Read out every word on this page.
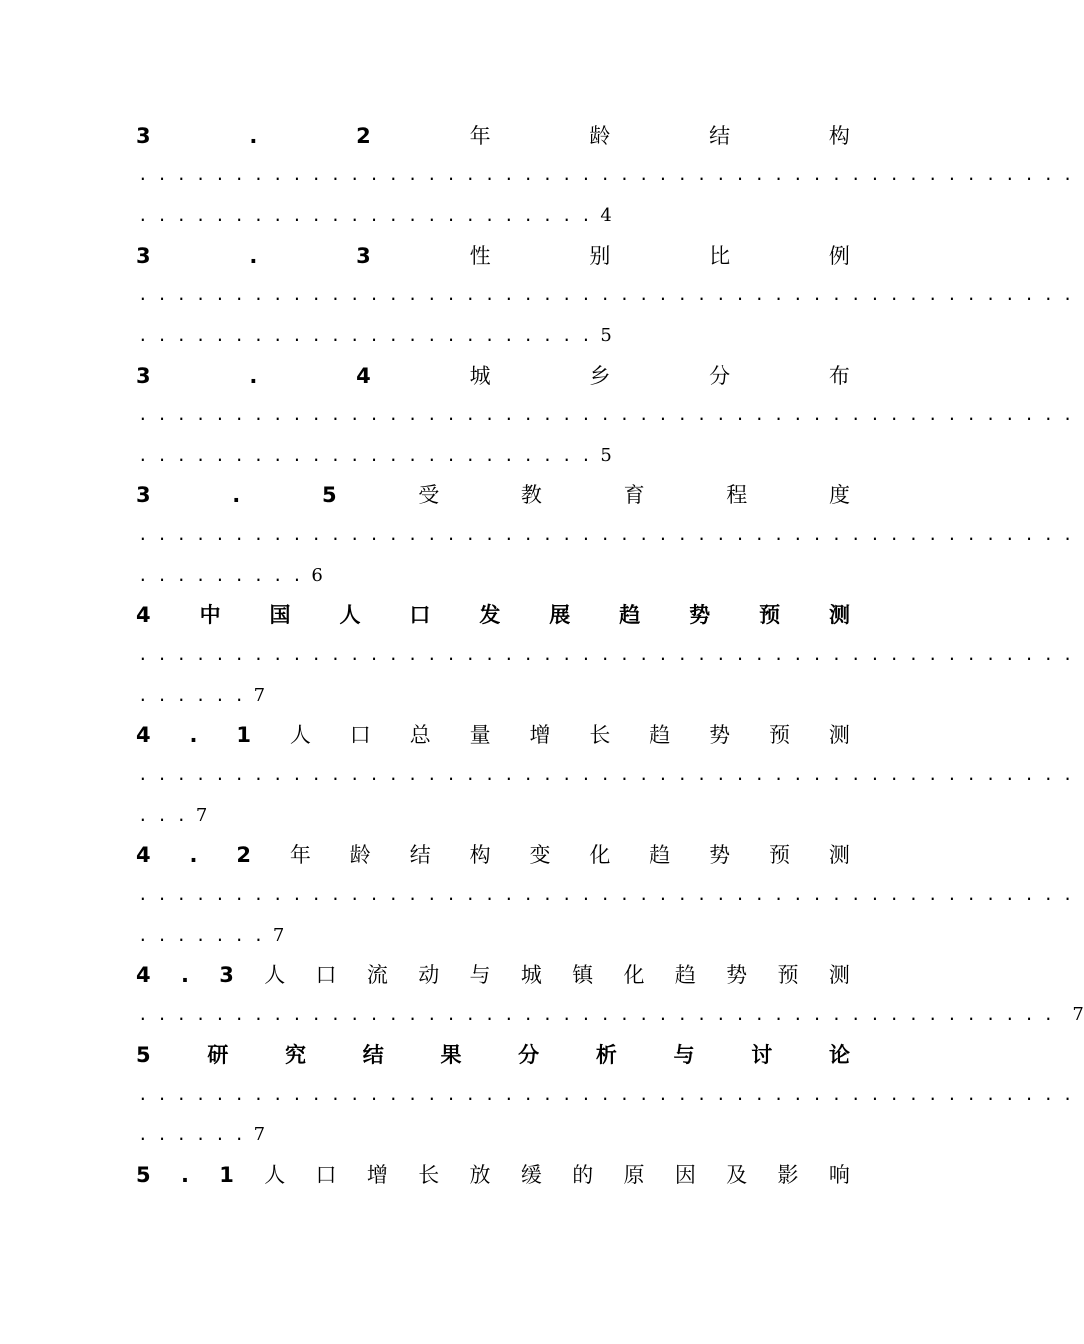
3	.	2	年	龄	结	构
. . . . . . . . . . . . . . . . . . . . . . . . . . . . . . . . . . . . . . . . . . . . . . . . .
. . . . . . . . . . . . . . . . . . . . . . . . 4
3	.	3	性	别	比	例
. . . . . . . . . . . . . . . . . . . . . . . . . . . . . . . . . . . . . . . . . . . . . . . . .
. . . . . . . . . . . . . . . . . . . . . . . . 5
3	.	4	城	乡	分	布
. . . . . . . . . . . . . . . . . . . . . . . . . . . . . . . . . . . . . . . . . . . . . . . . .
. . . . . . . . . . . . . . . . . . . . . . . . 5
3	.	5	受	教	育	程	度
. . . . . . . . . . . . . . . . . . . . . . . . . . . . . . . . . . . . . . . . . . . . . . . . .
. . . . . . . . . 6
4 中 国 人 口 发 展 趋 势 预 测
. . . . . . . . . . . . . . . . . . . . . . . . . . . . . . . . . . . . . . . . . . . . . . . . .
. . . . . . 7
4 . 1 人 口 总 量 增 长 趋 势 预 测
. . . . . . . . . . . . . . . . . . . . . . . . . . . . . . . . . . . . . . . . . . . . . . . . .
. . . 7
4 . 2 年 龄 结 构 变 化 趋 势 预 测
. . . . . . . . . . . . . . . . . . . . . . . . . . . . . . . . . . . . . . . . . . . . . . . . .
. . . . . . . 7
4 . 3 人 口 流 动 与 城 镇 化 趋 势 预 测
. . . . . . . . . . . . . . . . . . . . . . . . . . . . . . . . . . . . . . . . . . . . . . . . 7
5	研	究	结	果	分	析	与	讨	论
. . . . . . . . . . . . . . . . . . . . . . . . . . . . . . . . . . . . . . . . . . . . . . . . .
. . . . . . 7
5 . 1 人 口 增 长 放 缓 的 原 因 及 影 响
